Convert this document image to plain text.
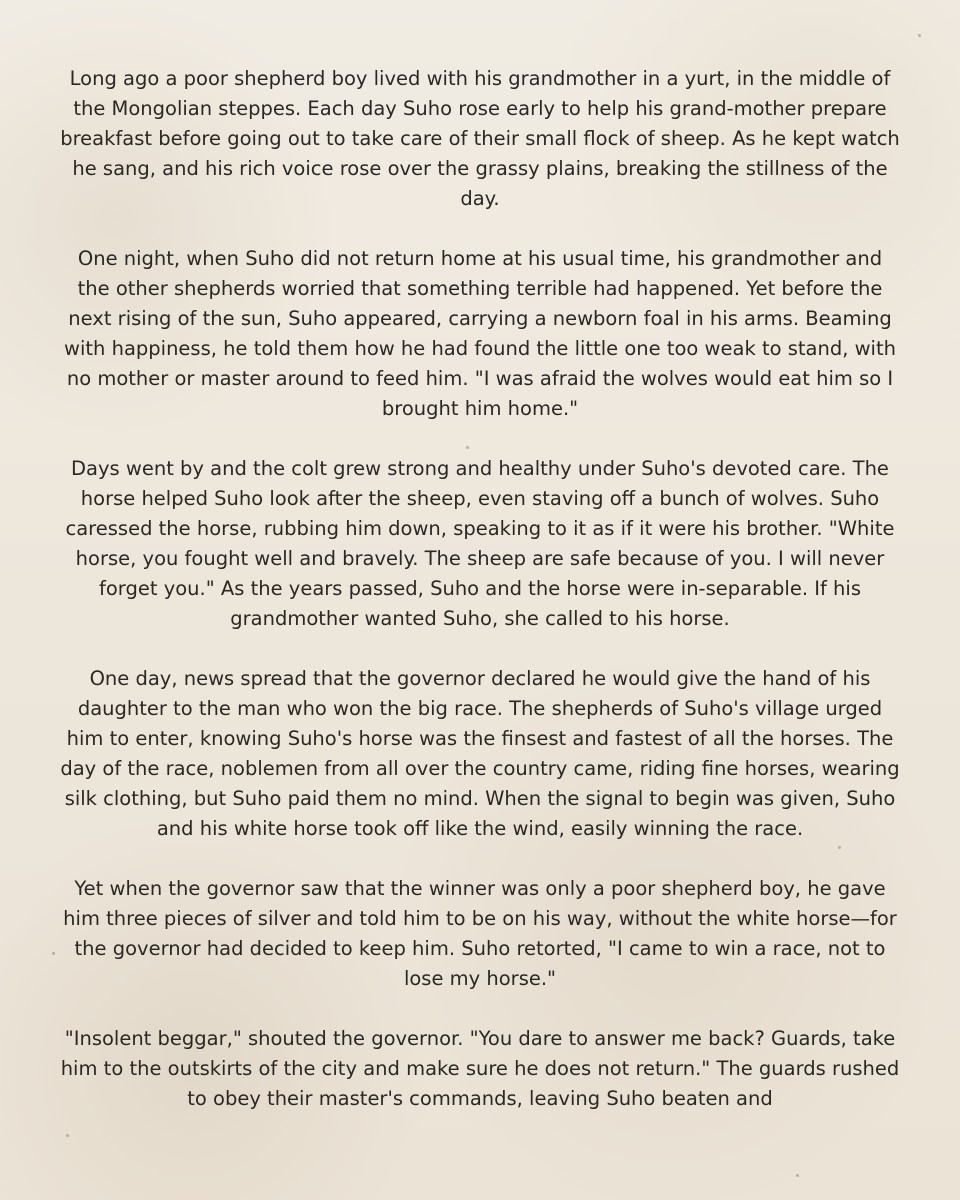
Long ago a poor shepherd boy lived with his grandmother in a yurt, in the middle of the Mongolian steppes. Each day Suho rose early to help his grand-mother prepare breakfast before going out to take care of their small flock of sheep. As he kept watch he sang, and his rich voice rose over the grassy plains, breaking the stillness of the day.

One night, when Suho did not return home at his usual time, his grandmother and the other shepherds worried that something terrible had happened. Yet before the next rising of the sun, Suho appeared, carrying a newborn foal in his arms. Beaming with happiness, he told them how he had found the little one too weak to stand, with no mother or master around to feed him. "I was afraid the wolves would eat him so I brought him home."

Days went by and the colt grew strong and healthy under Suho's devoted care. The horse helped Suho look after the sheep, even staving off a bunch of wolves. Suho caressed the horse, rubbing him down, speaking to it as if it were his brother. "White horse, you fought well and bravely. The sheep are safe because of you. I will never forget you." As the years passed, Suho and the horse were in-separable. If his grandmother wanted Suho, she called to his horse.

One day, news spread that the governor declared he would give the hand of his daughter to the man who won the big race. The shepherds of Suho's village urged him to enter, knowing Suho's horse was the finsest and fastest of all the horses. The day of the race, noblemen from all over the country came, riding fine horses, wearing silk clothing, but Suho paid them no mind. When the signal to begin was given, Suho and his white horse took off like the wind, easily winning the race.

Yet when the governor saw that the winner was only a poor shepherd boy, he gave him three pieces of silver and told him to be on his way, without the white horse—for the governor had decided to keep him. Suho retorted, "I came to win a race, not to lose my horse."

"Insolent beggar," shouted the governor. "You dare to answer me back? Guards, take him to the outskirts of the city and make sure he does not return." The guards rushed to obey their master's commands, leaving Suho beaten and
